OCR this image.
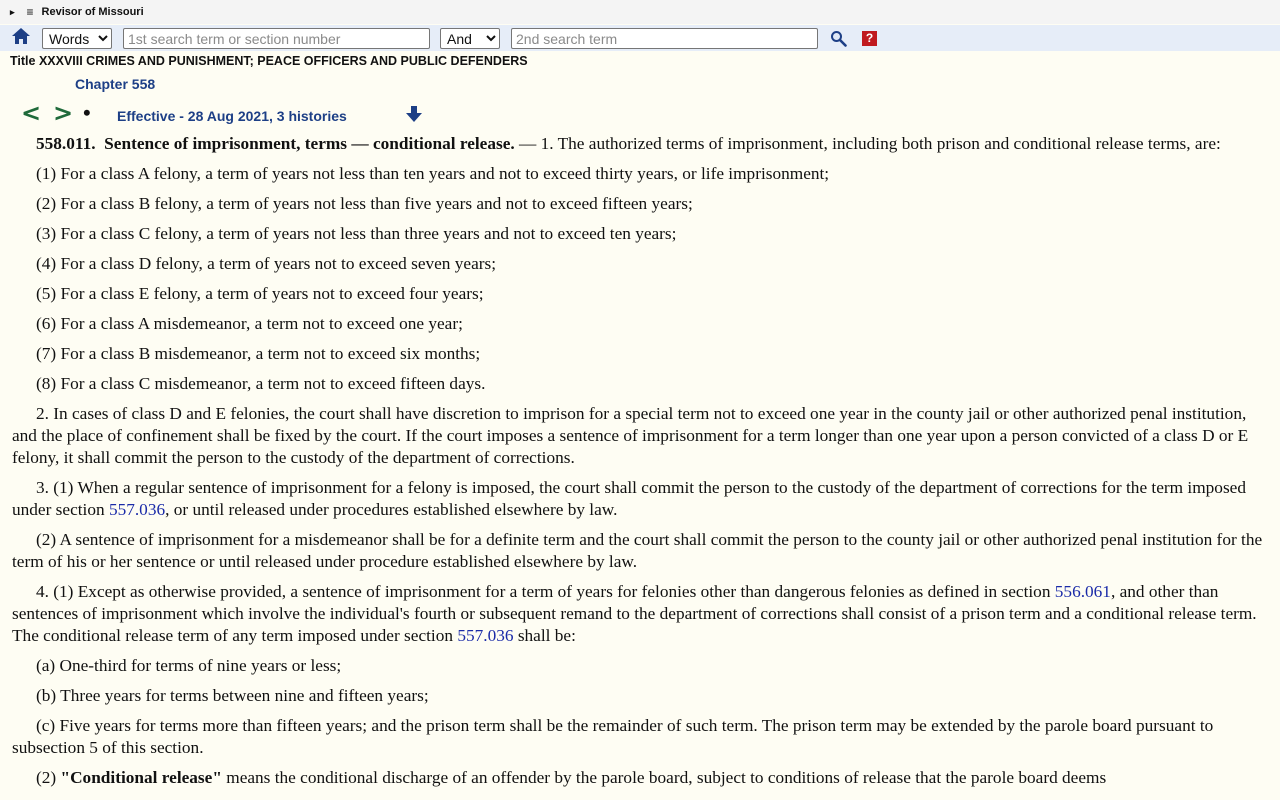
▸ ≡ Revisor of Missouri
Words
1st search term or section number
And
2nd search term
?
Title XXXVIII CRIMES AND PUNISHMENT; PEACE OFFICERS AND PUBLIC DEFENDERS
Chapter 558
< > • Effective - 28 Aug 2021, 3 histories

558.011. Sentence of imprisonment, terms — conditional release. — 1. The authorized terms of imprisonment, including both prison and conditional release terms, are:

(1) For a class A felony, a term of years not less than ten years and not to exceed thirty years, or life imprisonment;

(2) For a class B felony, a term of years not less than five years and not to exceed fifteen years;

(3) For a class C felony, a term of years not less than three years and not to exceed ten years;

(4) For a class D felony, a term of years not to exceed seven years;

(5) For a class E felony, a term of years not to exceed four years;

(6) For a class A misdemeanor, a term not to exceed one year;

(7) For a class B misdemeanor, a term not to exceed six months;

(8) For a class C misdemeanor, a term not to exceed fifteen days.

2. In cases of class D and E felonies, the court shall have discretion to imprison for a special term not to exceed one year in the county jail or other authorized penal institution, and the place of confinement shall be fixed by the court. If the court imposes a sentence of imprisonment for a term longer than one year upon a person convicted of a class D or E felony, it shall commit the person to the custody of the department of corrections.

3. (1) When a regular sentence of imprisonment for a felony is imposed, the court shall commit the person to the custody of the department of corrections for the term imposed under section 557.036, or until released under procedures established elsewhere by law.

(2) A sentence of imprisonment for a misdemeanor shall be for a definite term and the court shall commit the person to the county jail or other authorized penal institution for the term of his or her sentence or until released under procedure established elsewhere by law.

4. (1) Except as otherwise provided, a sentence of imprisonment for a term of years for felonies other than dangerous felonies as defined in section 556.061, and other than sentences of imprisonment which involve the individual's fourth or subsequent remand to the department of corrections shall consist of a prison term and a conditional release term. The conditional release term of any term imposed under section 557.036 shall be:

(a) One-third for terms of nine years or less;

(b) Three years for terms between nine and fifteen years;

(c) Five years for terms more than fifteen years; and the prison term shall be the remainder of such term. The prison term may be extended by the parole board pursuant to subsection 5 of this section.

(2) "Conditional release" means the conditional discharge of an offender by the parole board, subject to conditions of release that the parole board deems
